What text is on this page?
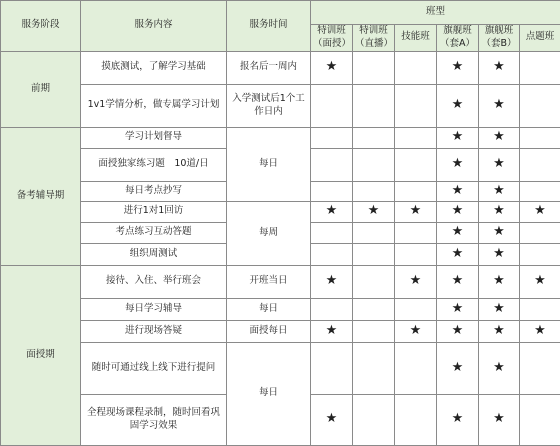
服务阶段	服务内容	服务时间	班型					
			特训班（面授）	特训班（直播）	技能班	旗舰班（套A）	旗舰班（套B）	点题班
前期	摸底测试，了解学习基础	报名后一周内	★			★	★	
	1v1学情分析，做专属学习计划	入学测试后1个工作日内				★	★	
备考辅导期	学习计划督导	每日				★	★	
	面授独家练习题　10道/日					★	★	
	每日考点抄写					★	★	
	进行1对1回访	每周	★	★	★	★	★	★
	考点练习互动答题					★	★	
	组织周测试					★	★	
面授期	接待、入住、举行班会	开班当日	★		★	★	★	★
	每日学习辅导	每日				★	★	
	进行现场答疑	面授每日	★		★	★	★	★
	随时可通过线上线下进行提问	每日				★	★	
	全程现场课程录制，随时回看巩固学习效果		★			★	★	
